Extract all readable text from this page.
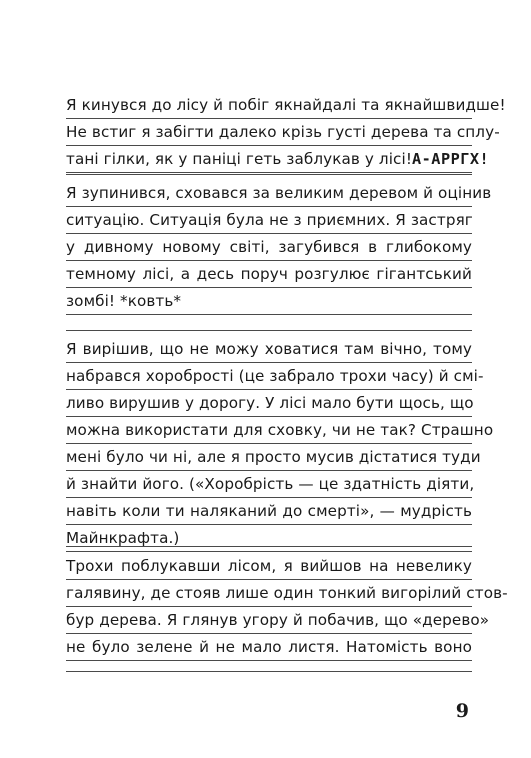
Я кинувся до лісу й побіг якнайдалі та якнайшвидше!
Не встиг я забігти далеко крізь густі дерева та сплу-
тані гілки, як у паніці геть заблукав у лісі! А-АРРГХ!
Я зупинився, сховався за великим деревом й оцінив
ситуацію. Ситуація була не з приємних. Я застряг
у дивному новому світі, загубився в глибокому
темному лісі, а десь поруч розгулює гігантський
зомбі! *ковть*
Я вирішив, що не можу ховатися там вічно, тому
набрався хоробрості (це забрало трохи часу) й смі-
ливо вирушив у дорогу. У лісі мало бути щось, що
можна використати для сховку, чи не так? Страшно
мені було чи ні, але я просто мусив дістатися туди
й знайти його. («Хоробрість — це здатність діяти,
навіть коли ти наляканий до смерті», — мудрість
Майнкрафта.)
Трохи поблукавши лісом, я вийшов на невелику
галявину, де стояв лише один тонкий вигорілий стов-
бур дерева. Я глянув угору й побачив, що «дерево»
не було зелене й не мало листя. Натомість воно
9
